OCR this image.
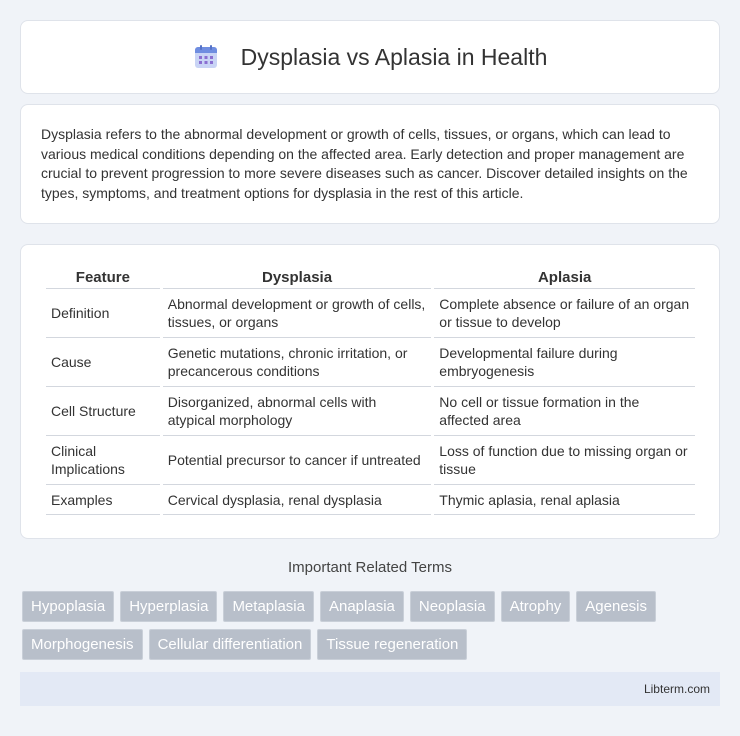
Dysplasia vs Aplasia in Health

Dysplasia refers to the abnormal development or growth of cells, tissues, or organs, which can lead to various medical conditions depending on the affected area. Early detection and proper management are crucial to prevent progression to more severe diseases such as cancer. Discover detailed insights on the types, symptoms, and treatment options for dysplasia in the rest of this article.

Feature	Dysplasia	Aplasia
Definition	Abnormal development or growth of cells, tissues, or organs	Complete absence or failure of an organ or tissue to develop
Cause	Genetic mutations, chronic irritation, or precancerous conditions	Developmental failure during embryogenesis
Cell Structure	Disorganized, abnormal cells with atypical morphology	No cell or tissue formation in the affected area
Clinical Implications	Potential precursor to cancer if untreated	Loss of function due to missing organ or tissue
Examples	Cervical dysplasia, renal dysplasia	Thymic aplasia, renal aplasia
Important Related Terms
Hypoplasia	Hyperplasia	Metaplasia	Anaplasia	Neoplasia	Atrophy	Agenesis
Morphogenesis	Cellular differentiation	Tissue regeneration
Libterm.com
